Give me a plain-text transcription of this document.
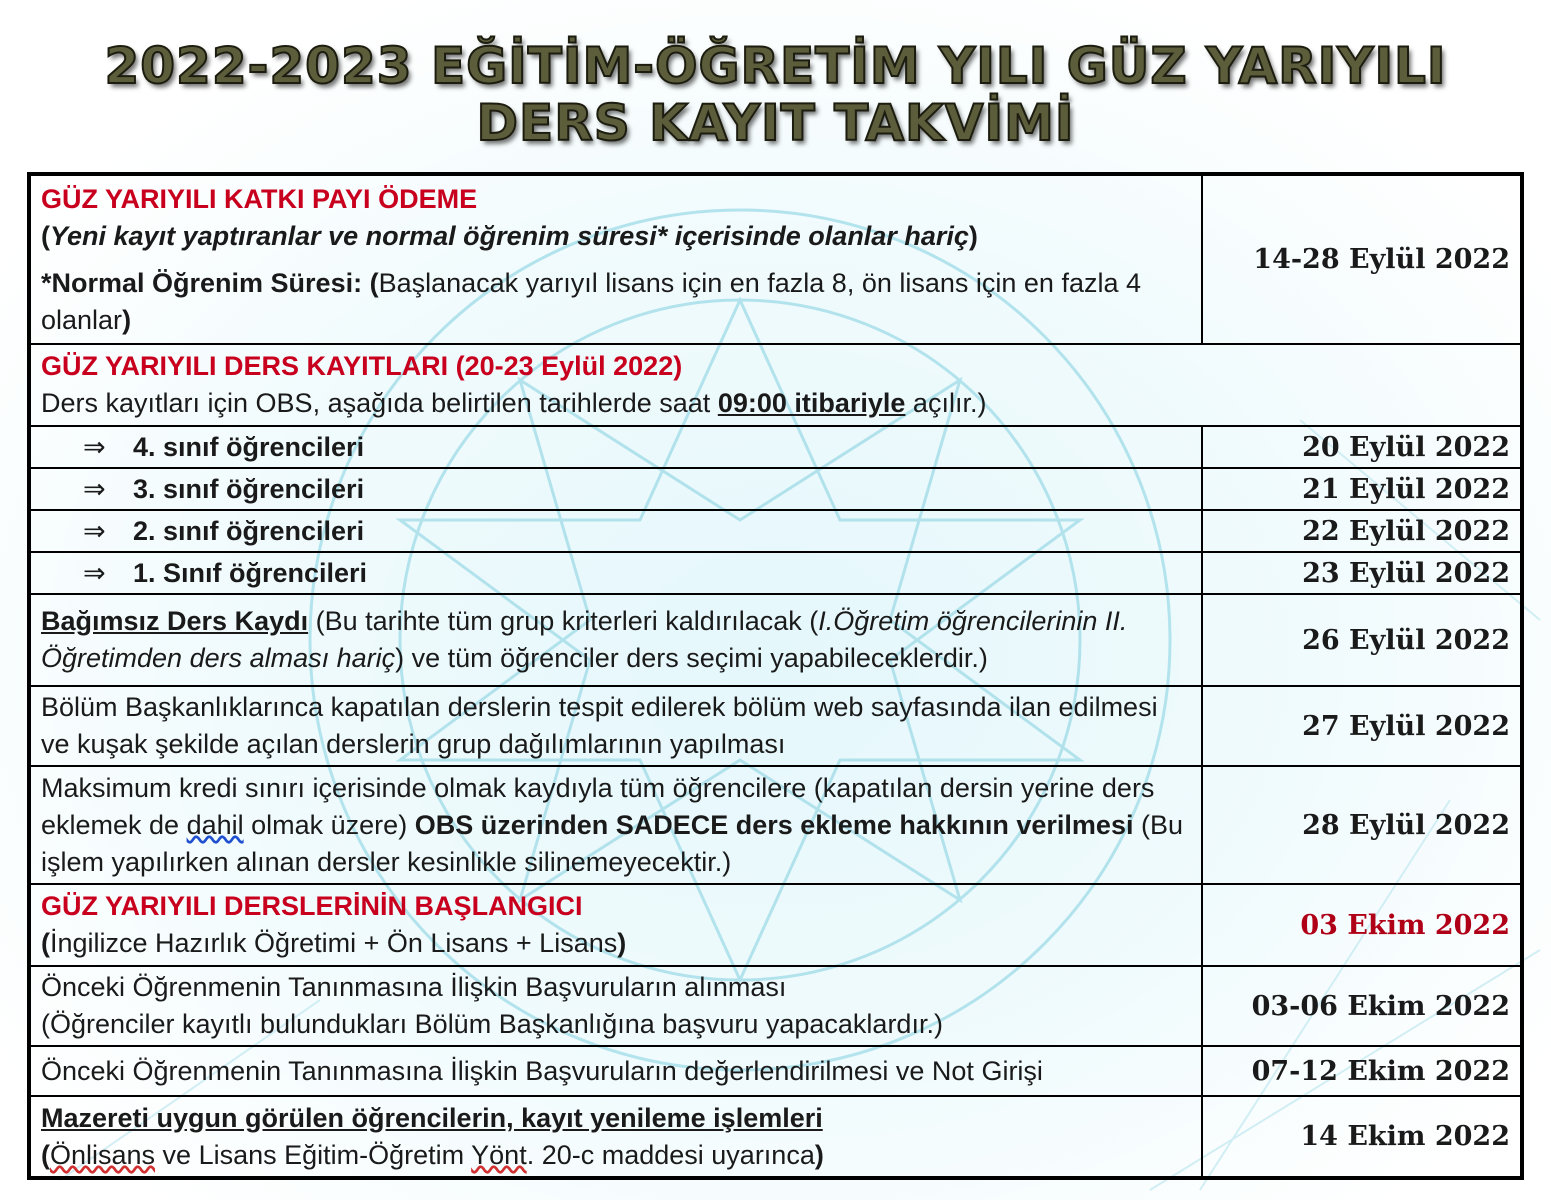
2022-2023 EĞİTİM-ÖĞRETİM YILI GÜZ YARIYILI
DERS KAYIT TAKVİMİ
GÜZ YARIYILI KATKI PAYI ÖDEME
(Yeni kayıt yaptıranlar ve normal öğrenim süresi* içerisinde olanlar hariç)
*Normal Öğrenim Süresi: (Başlanacak yarıyıl lisans için en fazla 8, ön lisans için en fazla 4 olanlar)	14-28 Eylül 2022

GÜZ YARIYILI DERS KAYITLARI (20-23 Eylül 2022)
Ders kayıtları için OBS, aşağıda belirtilen tarihlerde saat 09:00 itibariyle açılır.)	

⇒ 4. sınıf öğrencileri	20 Eylül 2022
⇒ 3. sınıf öğrencileri	21 Eylül 2022
⇒ 2. sınıf öğrencileri	22 Eylül 2022
⇒ 1. Sınıf öğrencileri	23 Eylül 2022
Bağımsız Ders Kaydı (Bu tarihte tüm grup kriterleri kaldırılacak (I.Öğretim öğrencilerinin II. Öğretimden ders alması hariç) ve tüm öğrenciler ders seçimi yapabileceklerdir.)	26 Eylül 2022
Bölüm Başkanlıklarınca kapatılan derslerin tespit edilerek bölüm web sayfasında ilan edilmesi ve kuşak şekilde açılan derslerin grup dağılımlarının yapılması	27 Eylül 2022
Maksimum kredi sınırı içerisinde olmak kaydıyla tüm öğrencilere (kapatılan dersin yerine ders eklemek de dahil olmak üzere) OBS üzerinden SADECE ders ekleme hakkının verilmesi (Bu işlem yapılırken alınan dersler kesinlikle silinemeyecektir.)	28 Eylül 2022

GÜZ YARIYILI DERSLERİNİN BAŞLANGICI
(İngilizce Hazırlık Öğretimi + Ön Lisans + Lisans)	03 Ekim 2022

Önceki Öğrenmenin Tanınmasına İlişkin Başvuruların alınması
(Öğrenciler kayıtlı bulundukları Bölüm Başkanlığına başvuru yapacaklardır.)	03-06 Ekim 2022
Önceki Öğrenmenin Tanınmasına İlişkin Başvuruların değerlendirilmesi ve Not Girişi	07-12 Ekim 2022

Mazereti uygun görülen öğrencilerin, kayıt yenileme işlemleri
(Önlisans ve Lisans Eğitim-Öğretim Yönt. 20-c maddesi uyarınca)	14 Ekim 2022
